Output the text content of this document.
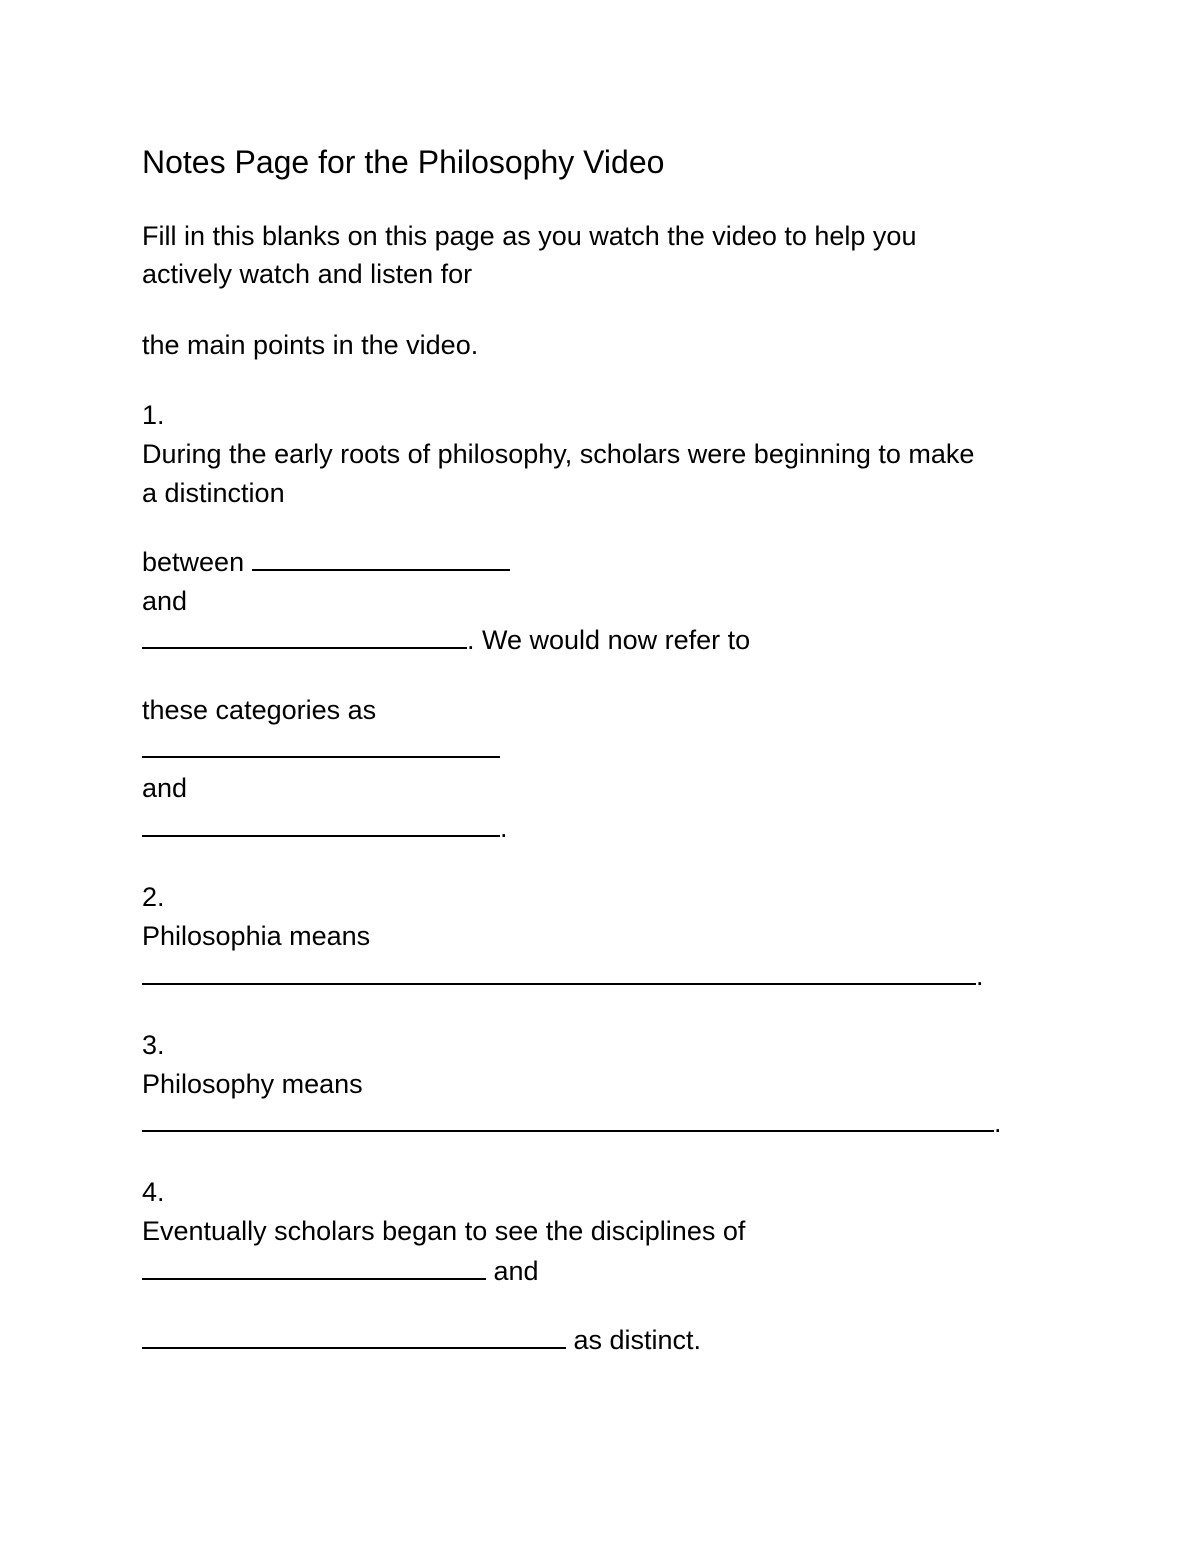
Notes Page for the Philosophy Video
Fill in this blanks on this page as you watch the video to help you
actively watch and listen for
the main points in the video.
1.
During the early roots of philosophy, scholars were beginning to make
a distinction
between
and
. We would now refer to
these categories as
and
.
2.
Philosophia means
.
3.
Philosophy means
.
4.
Eventually scholars began to see the disciplines of
and
as distinct.
